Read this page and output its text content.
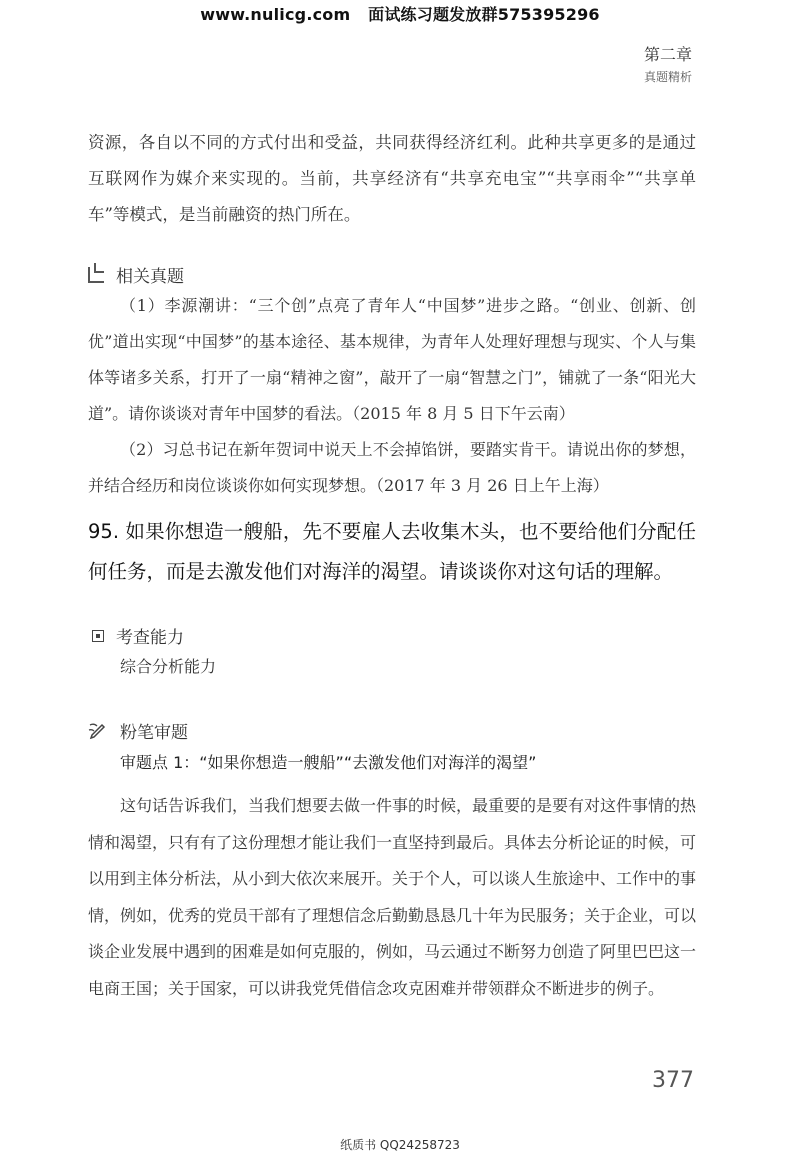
www.nulicg.com 面试练习题发放群575395296
第二章
真题精析
资源，各自以不同的方式付出和受益，共同获得经济红利。此种共享更多的是通过互联网作为媒介来实现的。当前，共享经济有“共享充电宝”“共享雨伞”“共享单车”等模式，是当前融资的热门所在。
相关真题

（1）李源潮讲：“三个创”点亮了青年人“中国梦”进步之路。“创业、创新、创优”道出实现“中国梦”的基本途径、基本规律，为青年人处理好理想与现实、个人与集体等诸多关系，打开了一扇“精神之窗”，敲开了一扇“智慧之门”，铺就了一条“阳光大道”。请你谈谈对青年中国梦的看法。（2015 年 8 月 5 日下午云南）

（2）习总书记在新年贺词中说天上不会掉馅饼，要踏实肯干。请说出你的梦想，并结合经历和岗位谈谈你如何实现梦想。（2017 年 3 月 26 日上午上海）

95. 如果你想造一艘船，先不要雇人去收集木头，也不要给他们分配任何任务，而是去激发他们对海洋的渴望。请谈谈你对这句话的理解。
考查能力
综合分析能力
粉笔审题
审题点 1：“如果你想造一艘船”“去激发他们对海洋的渴望”
这句话告诉我们，当我们想要去做一件事的时候，最重要的是要有对这件事情的热情和渴望，只有有了这份理想才能让我们一直坚持到最后。具体去分析论证的时候，可以用到主体分析法，从小到大依次来展开。关于个人，可以谈人生旅途中、工作中的事情，例如，优秀的党员干部有了理想信念后勤勤恳恳几十年为民服务；关于企业，可以谈企业发展中遇到的困难是如何克服的，例如，马云通过不断努力创造了阿里巴巴这一电商王国；关于国家，可以讲我党凭借信念攻克困难并带领群众不断进步的例子。
377
纸质书 QQ24258723
